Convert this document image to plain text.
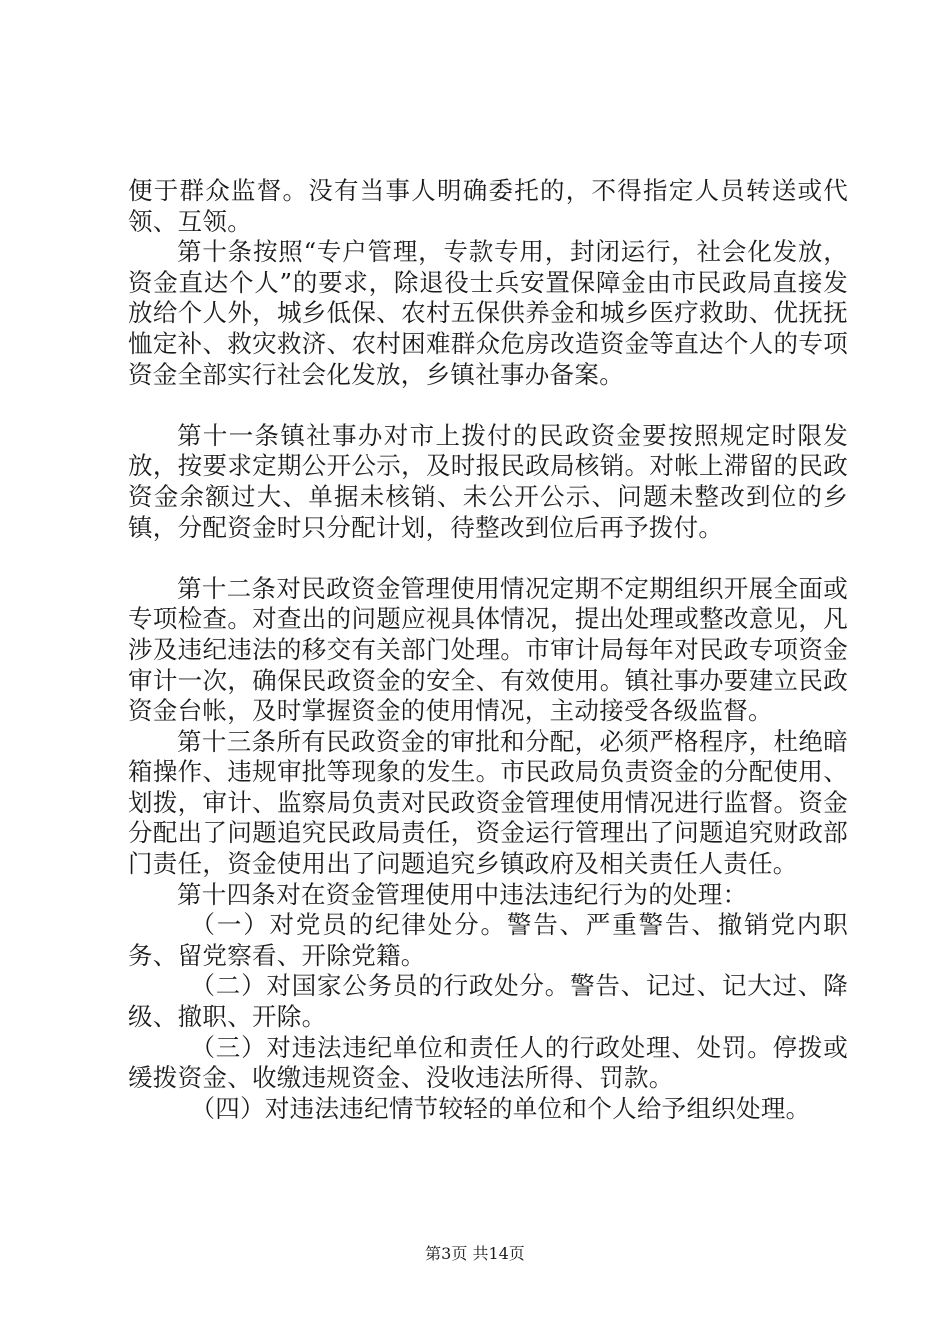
便于群众监督。没有当事人明确委托的，不得指定人员转送或代领、互领。

第十条按照“专户管理，专款专用，封闭运行，社会化发放，资金直达个人”的要求，除退役士兵安置保障金由市民政局直接发放给个人外，城乡低保、农村五保供养金和城乡医疗救助、优抚抚恤定补、救灾救济、农村困难群众危房改造资金等直达个人的专项资金全部实行社会化发放，乡镇社事办备案。

第十一条镇社事办对市上拨付的民政资金要按照规定时限发放，按要求定期公开公示，及时报民政局核销。对帐上滞留的民政资金余额过大、单据未核销、未公开公示、问题未整改到位的乡镇，分配资金时只分配计划，待整改到位后再予拨付。

第十二条对民政资金管理使用情况定期不定期组织开展全面或专项检查。对查出的问题应视具体情况，提出处理或整改意见，凡涉及违纪违法的移交有关部门处理。市审计局每年对民政专项资金审计一次，确保民政资金的安全、有效使用。镇社事办要建立民政资金台帐，及时掌握资金的使用情况，主动接受各级监督。

第十三条所有民政资金的审批和分配，必须严格程序，杜绝暗箱操作、违规审批等现象的发生。市民政局负责资金的分配使用、划拨，审计、监察局负责对民政资金管理使用情况进行监督。资金分配出了问题追究民政局责任，资金运行管理出了问题追究财政部门责任，资金使用出了问题追究乡镇政府及相关责任人责任。

第十四条对在资金管理使用中违法违纪行为的处理：

（一）对党员的纪律处分。警告、严重警告、撤销党内职务、留党察看、开除党籍。

（二）对国家公务员的行政处分。警告、记过、记大过、降级、撤职、开除。

（三）对违法违纪单位和责任人的行政处理、处罚。停拨或缓拨资金、收缴违规资金、没收违法所得、罚款。

（四）对违法违纪情节较轻的单位和个人给予组织处理。

第3页 共14页
